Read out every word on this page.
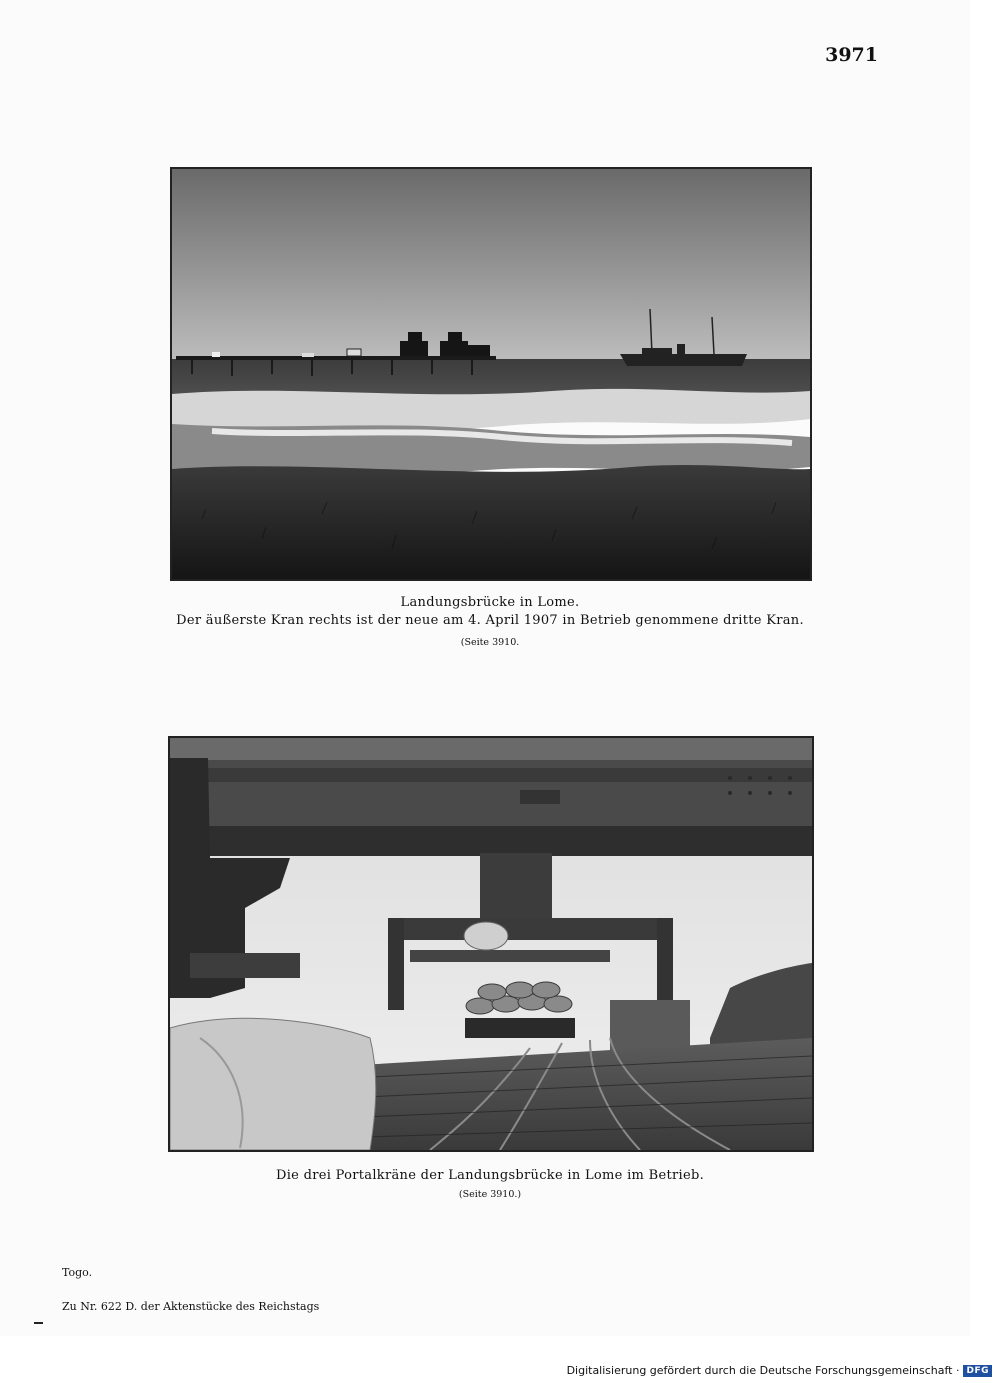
3971
Landungsbrücke in Lome.
Der äußerste Kran rechts ist der neue am 4. April 1907 in Betrieb genommene dritte Kran.
(Seite 3910.
Die drei Portalkräne der Landungsbrücke in Lome im Betrieb.
(Seite 3910.)
Togo.
Zu Nr. 622 D. der Aktenstücke des Reichstags
Digitalisierung gefördert durch die Deutsche Forschungsgemeinschaft · DFG
